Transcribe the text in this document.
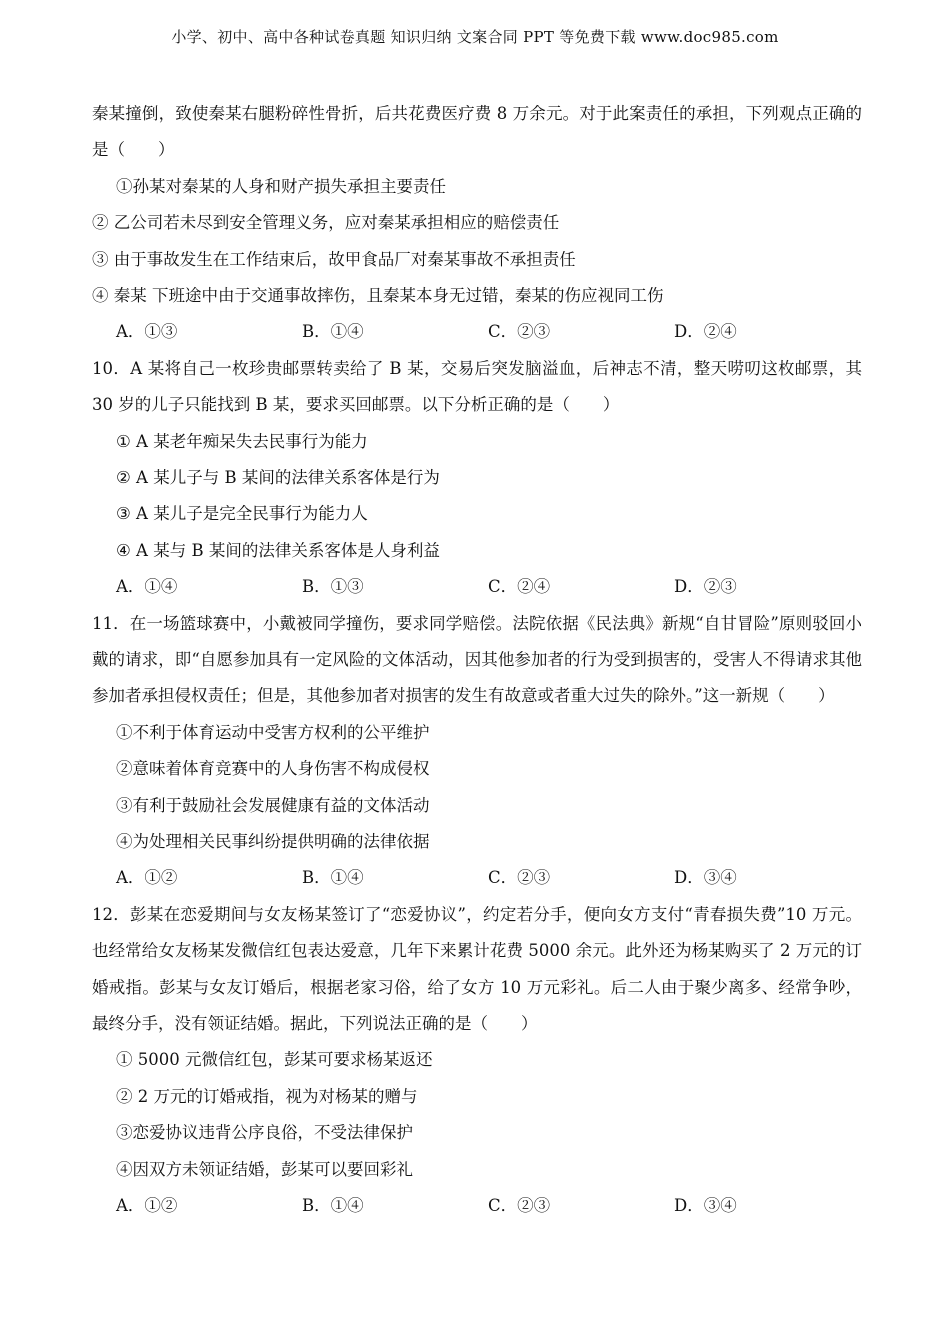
小学、初中、高中各种试卷真题 知识归纳 文案合同 PPT 等免费下载 www.doc985.com
秦某撞倒，致使秦某右腿粉碎性骨折，后共花费医疗费 8 万余元。对于此案责任的承担，下列观点正确的是（　　）
①孙某对秦某的人身和财产损失承担主要责任
② 乙公司若未尽到安全管理义务，应对秦某承担相应的赔偿责任
③ 由于事故发生在工作结束后，故甲食品厂对秦某事故不承担责任
④ 秦某 下班途中由于交通事故摔伤，且秦某本身无过错，秦某的伤应视同工伤
A．①③	B．①④	C．②③	D．②④
10．A 某将自己一枚珍贵邮票转卖给了 B 某，交易后突发脑溢血，后神志不清，整天唠叨这枚邮票，其 30 岁的儿子只能找到 B 某，要求买回邮票。以下分析正确的是（　　）
① A 某老年痴呆失去民事行为能力
② A 某儿子与 B 某间的法律关系客体是行为
③ A 某儿子是完全民事行为能力人
④ A 某与 B 某间的法律关系客体是人身利益
A．①④	B．①③	C．②④	D．②③
11．在一场篮球赛中，小戴被同学撞伤，要求同学赔偿。法院依据《民法典》新规“自甘冒险”原则驳回小戴的请求，即“自愿参加具有一定风险的文体活动，因其他参加者的行为受到损害的，受害人不得请求其他参加者承担侵权责任；但是，其他参加者对损害的发生有故意或者重大过失的除外。”这一新规（　　）
①不利于体育运动中受害方权利的公平维护
②意味着体育竞赛中的人身伤害不构成侵权
③有利于鼓励社会发展健康有益的文体活动
④为处理相关民事纠纷提供明确的法律依据
A．①②	B．①④	C．②③	D．③④
12．彭某在恋爱期间与女友杨某签订了“恋爱协议”，约定若分手，便向女方支付“青春损失费”10 万元。也经常给女友杨某发微信红包表达爱意，几年下来累计花费 5000 余元。此外还为杨某购买了 2 万元的订婚戒指。彭某与女友订婚后，根据老家习俗，给了女方 10 万元彩礼。后二人由于聚少离多、经常争吵，最终分手，没有领证结婚。据此，下列说法正确的是（　　）
① 5000 元微信红包，彭某可要求杨某返还
② 2 万元的订婚戒指，视为对杨某的赠与
③恋爱协议违背公序良俗，不受法律保护
④因双方未领证结婚，彭某可以要回彩礼
A．①②	B．①④	C．②③	D．③④
